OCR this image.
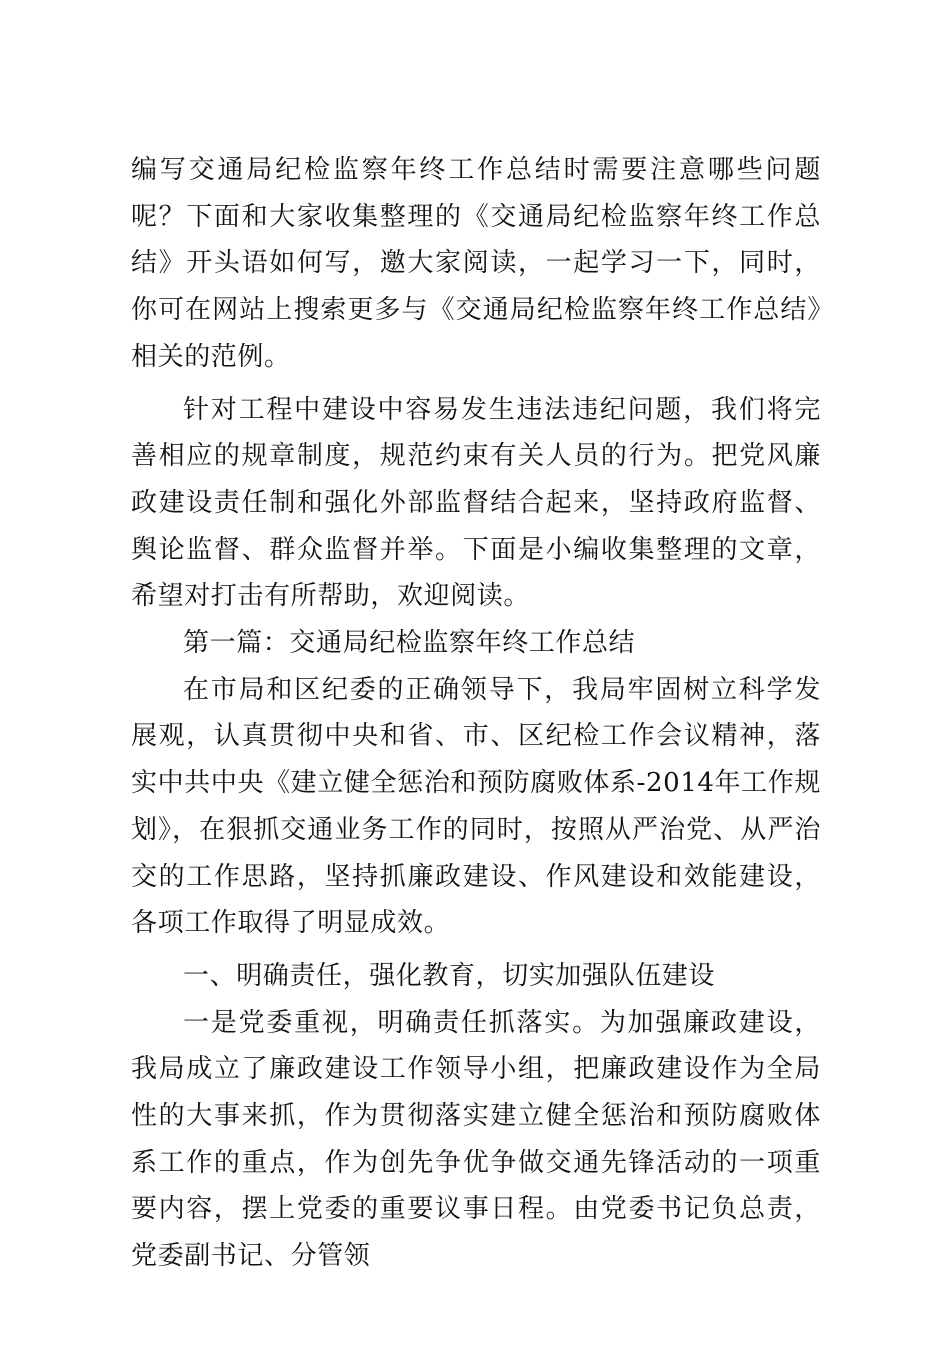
编写交通局纪检监察年终工作总结时需要注意哪些问题呢？下面和大家收集整理的《交通局纪检监察年终工作总结》开头语如何写，邀大家阅读，一起学习一下，同时，你可在网站上搜索更多与《交通局纪检监察年终工作总结》相关的范例。

针对工程中建设中容易发生违法违纪问题，我们将完善相应的规章制度，规范约束有关人员的行为。把党风廉政建设责任制和强化外部监督结合起来，坚持政府监督、舆论监督、群众监督并举。下面是小编收集整理的文章，希望对打击有所帮助，欢迎阅读。

第一篇：交通局纪检监察年终工作总结

在市局和区纪委的正确领导下，我局牢固树立科学发展观，认真贯彻中央和省、市、区纪检工作会议精神，落实中共中央《建立健全惩治和预防腐败体系-2014年工作规划》，在狠抓交通业务工作的同时，按照从严治党、从严治交的工作思路，坚持抓廉政建设、作风建设和效能建设，各项工作取得了明显成效。

一、明确责任，强化教育，切实加强队伍建设

一是党委重视，明确责任抓落实。为加强廉政建设，我局成立了廉政建设工作领导小组，把廉政建设作为全局性的大事来抓，作为贯彻落实建立健全惩治和预防腐败体系工作的重点，作为创先争优争做交通先锋活动的一项重要内容，摆上党委的重要议事日程。由党委书记负总责，党委副书记、分管领
